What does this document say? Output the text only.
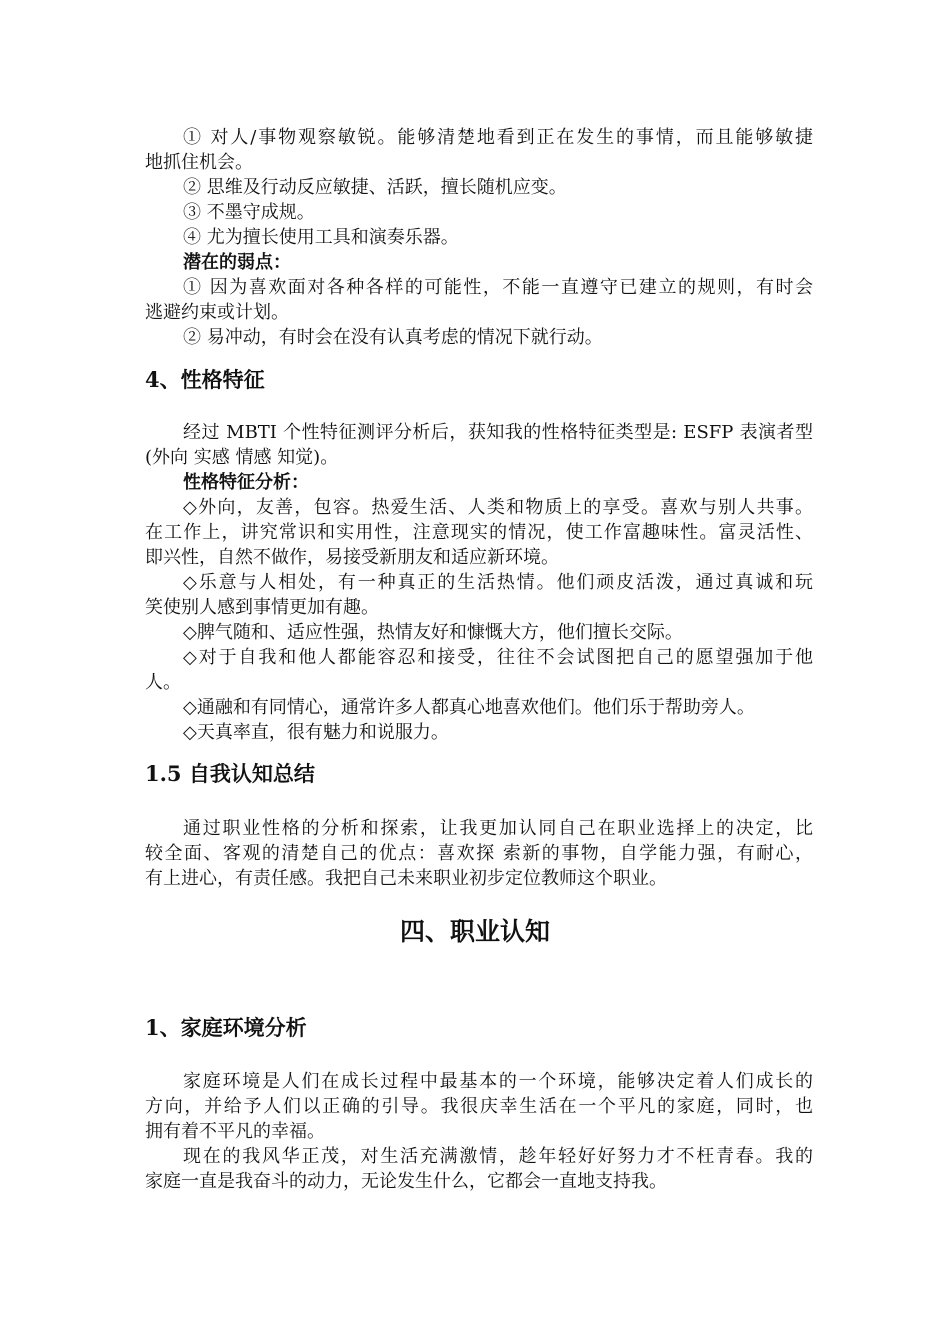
① 对人/事物观察敏锐。能够清楚地看到正在发生的事情，而且能够敏捷
地抓住机会。
② 思维及行动反应敏捷、活跃，擅长随机应变。
③ 不墨守成规。
④ 尤为擅长使用工具和演奏乐器。
潜在的弱点：
① 因为喜欢面对各种各样的可能性，不能一直遵守已建立的规则，有时会
逃避约束或计划。
② 易冲动，有时会在没有认真考虑的情况下就行动。
4、性格特征
经过 MBTI 个性特征测评分析后，获知我的性格特征类型是: ESFP 表演者型
(外向 实感 情感 知觉)。
性格特征分析：
◇外向，友善，包容。热爱生活、人类和物质上的享受。喜欢与别人共事。
在工作上，讲究常识和实用性，注意现实的情况，使工作富趣味性。富灵活性、
即兴性，自然不做作，易接受新朋友和适应新环境。
◇乐意与人相处，有一种真正的生活热情。他们顽皮活泼，通过真诚和玩
笑使别人感到事情更加有趣。
◇脾气随和、适应性强，热情友好和慷慨大方，他们擅长交际。
◇对于自我和他人都能容忍和接受，往往不会试图把自己的愿望强加于他
人。
◇通融和有同情心，通常许多人都真心地喜欢他们。他们乐于帮助旁人。
◇天真率直，很有魅力和说服力。
1.5 自我认知总结
通过职业性格的分析和探索，让我更加认同自己在职业选择上的决定，比
较全面、客观的清楚自己的优点：喜欢探 索新的事物，自学能力强，有耐心，
有上进心，有责任感。我把自己未来职业初步定位教师这个职业。
四、职业认知
1、家庭环境分析
家庭环境是人们在成长过程中最基本的一个环境，能够决定着人们成长的
方向，并给予人们以正确的引导。我很庆幸生活在一个平凡的家庭，同时，也
拥有着不平凡的幸福。
现在的我风华正茂，对生活充满激情，趁年轻好好努力才不枉青春。我的
家庭一直是我奋斗的动力，无论发生什么，它都会一直地支持我。
